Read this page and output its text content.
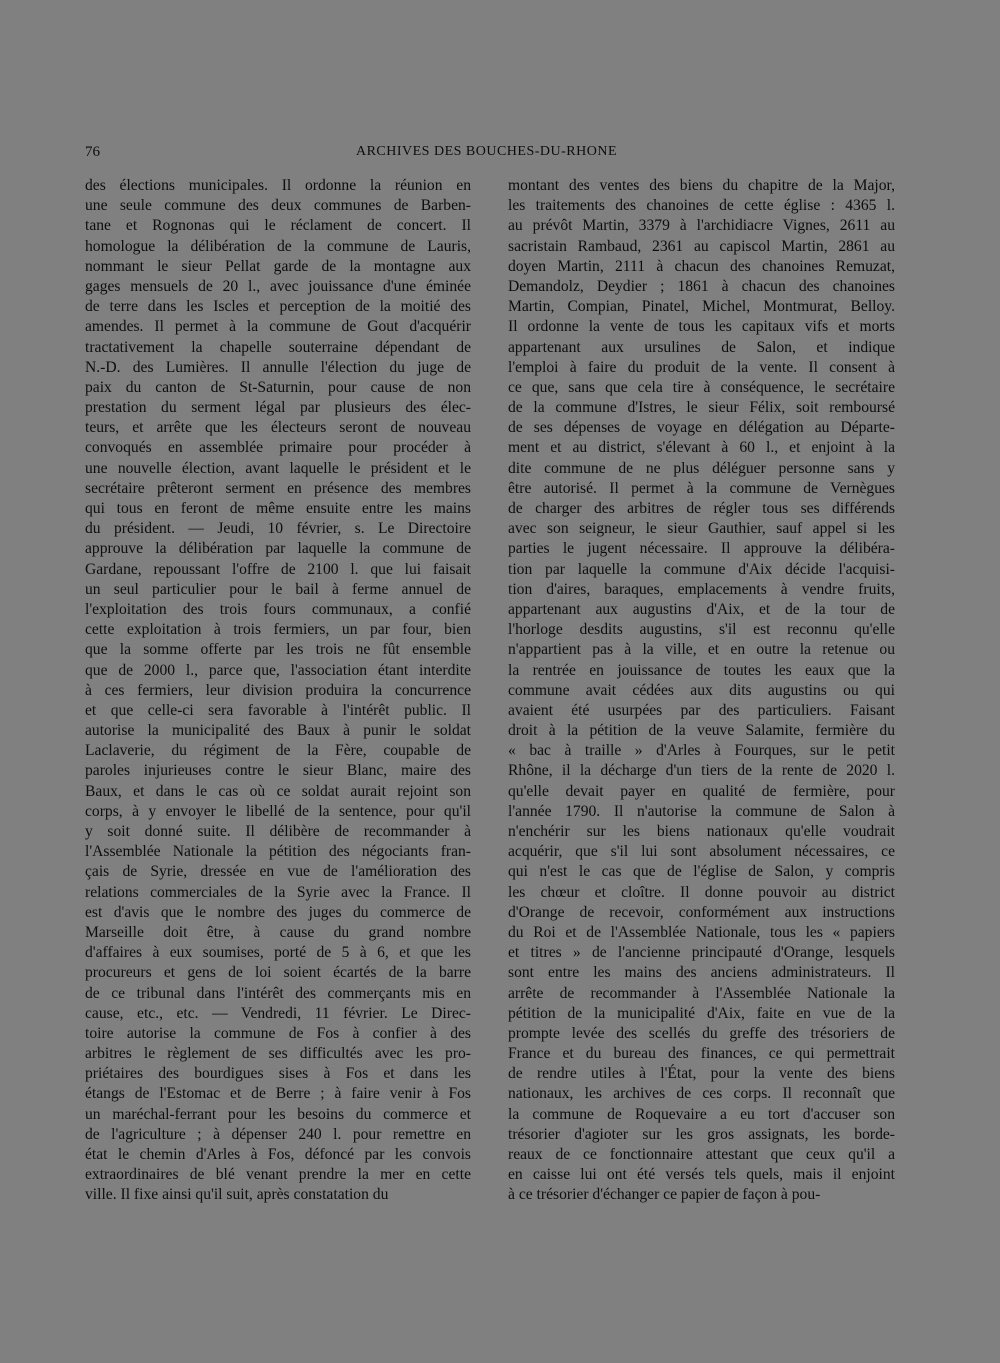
76	ARCHIVES DES BOUCHES-DU-RHONE
des élections municipales. Il ordonne la réunion en
une seule commune des deux communes de Barben-
tane et Rognonas qui le réclament de concert. Il
homologue la délibération de la commune de Lauris,
nommant le sieur Pellat garde de la montagne aux
gages mensuels de 20 l., avec jouissance d'une éminée
de terre dans les Iscles et perception de la moitié des
amendes. Il permet à la commune de Gout d'acquérir
tractativement la chapelle souterraine dépendant de
N.-D. des Lumières. Il annulle l'élection du juge de
paix du canton de St-Saturnin, pour cause de non
prestation du serment légal par plusieurs des élec-
teurs, et arrête que les électeurs seront de nouveau
convoqués en assemblée primaire pour procéder à
une nouvelle élection, avant laquelle le président et le
secrétaire prêteront serment en présence des membres
qui tous en feront de même ensuite entre les mains
du président. — Jeudi, 10 février, s. Le Directoire
approuve la délibération par laquelle la commune de
Gardane, repoussant l'offre de 2100 l. que lui faisait
un seul particulier pour le bail à ferme annuel de
l'exploitation des trois fours communaux, a confié
cette exploitation à trois fermiers, un par four, bien
que la somme offerte par les trois ne fût ensemble
que de 2000 l., parce que, l'association étant interdite
à ces fermiers, leur division produira la concurrence
et que celle-ci sera favorable à l'intérêt public. Il
autorise la municipalité des Baux à punir le soldat
Laclaverie, du régiment de la Fère, coupable de
paroles injurieuses contre le sieur Blanc, maire des
Baux, et dans le cas où ce soldat aurait rejoint son
corps, à y envoyer le libellé de la sentence, pour qu'il
y soit donné suite. Il délibère de recommander à
l'Assemblée Nationale la pétition des négociants fran-
çais de Syrie, dressée en vue de l'amélioration des
relations commerciales de la Syrie avec la France. Il
est d'avis que le nombre des juges du commerce de
Marseille doit être, à cause du grand nombre
d'affaires à eux soumises, porté de 5 à 6, et que les
procureurs et gens de loi soient écartés de la barre
de ce tribunal dans l'intérêt des commerçants mis en
cause, etc., etc. — Vendredi, 11 février. Le Direc-
toire autorise la commune de Fos à confier à des
arbitres le règlement de ses difficultés avec les pro-
priétaires des bourdigues sises à Fos et dans les
étangs de l'Estomac et de Berre ; à faire venir à Fos
un maréchal-ferrant pour les besoins du commerce et
de l'agriculture ; à dépenser 240 l. pour remettre en
état le chemin d'Arles à Fos, défoncé par les convois
extraordinaires de blé venant prendre la mer en cette
ville. Il fixe ainsi qu'il suit, après constatation du
montant des ventes des biens du chapitre de la Major,
les traitements des chanoines de cette église : 4365 l.
au prévôt Martin, 3379 à l'archidiacre Vignes, 2611 au
sacristain Rambaud, 2361 au capiscol Martin, 2861 au
doyen Martin, 2111 à chacun des chanoines Remuzat,
Demandolz, Deydier ; 1861 à chacun des chanoines
Martin, Compian, Pinatel, Michel, Montmurat, Belloy.
Il ordonne la vente de tous les capitaux vifs et morts
appartenant aux ursulines de Salon, et indique
l'emploi à faire du produit de la vente. Il consent à
ce que, sans que cela tire à conséquence, le secrétaire
de la commune d'Istres, le sieur Félix, soit remboursé
de ses dépenses de voyage en délégation au Départe-
ment et au district, s'élevant à 60 l., et enjoint à la
dite commune de ne plus déléguer personne sans y
être autorisé. Il permet à la commune de Vernègues
de charger des arbitres de régler tous ses différends
avec son seigneur, le sieur Gauthier, sauf appel si les
parties le jugent nécessaire. Il approuve la délibéra-
tion par laquelle la commune d'Aix décide l'acquisi-
tion d'aires, baraques, emplacements à vendre fruits,
appartenant aux augustins d'Aix, et de la tour de
l'horloge desdits augustins, s'il est reconnu qu'elle
n'appartient pas à la ville, et en outre la retenue ou
la rentrée en jouissance de toutes les eaux que la
commune avait cédées aux dits augustins ou qui
avaient été usurpées par des particuliers. Faisant
droit à la pétition de la veuve Salamite, fermière du
« bac à traille » d'Arles à Fourques, sur le petit
Rhône, il la décharge d'un tiers de la rente de 2020 l.
qu'elle devait payer en qualité de fermière, pour
l'année 1790. Il n'autorise la commune de Salon à
n'enchérir sur les biens nationaux qu'elle voudrait
acquérir, que s'il lui sont absolument nécessaires, ce
qui n'est le cas que de l'église de Salon, y compris
les chœur et cloître. Il donne pouvoir au district
d'Orange de recevoir, conformément aux instructions
du Roi et de l'Assemblée Nationale, tous les « papiers
et titres » de l'ancienne principauté d'Orange, lesquels
sont entre les mains des anciens administrateurs. Il
arrête de recommander à l'Assemblée Nationale la
pétition de la municipalité d'Aix, faite en vue de la
prompte levée des scellés du greffe des trésoriers de
France et du bureau des finances, ce qui permettrait
de rendre utiles à l'État, pour la vente des biens
nationaux, les archives de ces corps. Il reconnaît que
la commune de Roquevaire a eu tort d'accuser son
trésorier d'agioter sur les gros assignats, les borde-
reaux de ce fonctionnaire attestant que ceux qu'il a
en caisse lui ont été versés tels quels, mais il enjoint
à ce trésorier d'échanger ce papier de façon à pou-
